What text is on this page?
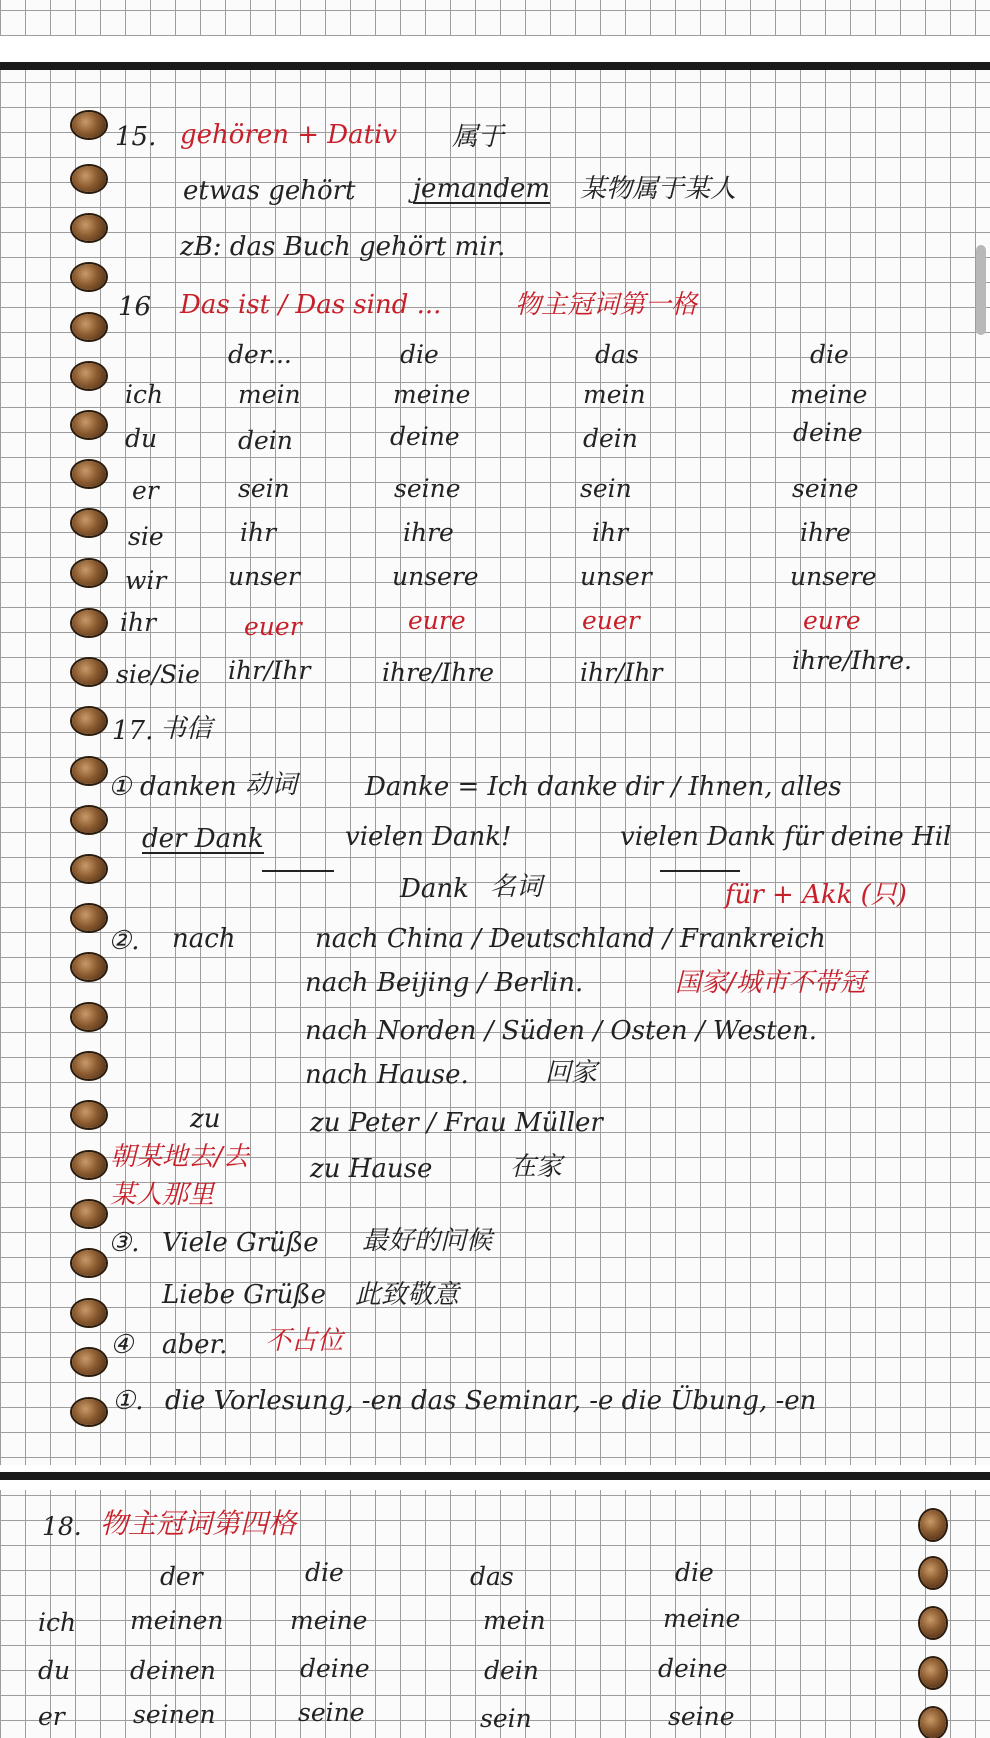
15. gehören + Dativ 属于
etwas gehört jemandem 某物属于某人
zB: das Buch gehört mir.
16 Das ist / Das sind ...	物主冠词第一格
der...	die	das	die
ich	mein	meine	mein	meine
du	dein	deine	dein	deine
er	sein	seine	sein	seine
sie	ihr	ihre	ihr	ihre
wir unser	unsere	unser	unsere
ihr	euer	eure	euer	eure
sie/Sie ihr/Ihr	ihre/Ihre	ihr/Ihr	ihre/Ihre.
17. 书信
① danken 动词	Danke = Ich danke dir / Ihnen, alles
der Dank	vielen Dank!	vielen Dank für deine Hil
Dank 名词	für + Akk (只)
②. nach	nach China / Deutschland / Frankreich
nach Beijing / Berlin.	国家/城市不带冠
nach Norden / Süden / Osten / Westen.
nach Hause.	回家
zu	zu Peter / Frau Müller
朝某地去/去 zu Hause	在家
某人那里
③. Viele Grüße 最好的问候
Liebe Grüße 此致敬意
④ aber. 不占位
①. die Vorlesung, -en das Seminar, -e die Übung, -en
18. 物主冠词第四格
der	die	das	die
ich meinen	meine	mein	meine
du deinen	deine	dein	deine
er	seinen	seine	sein	seine
